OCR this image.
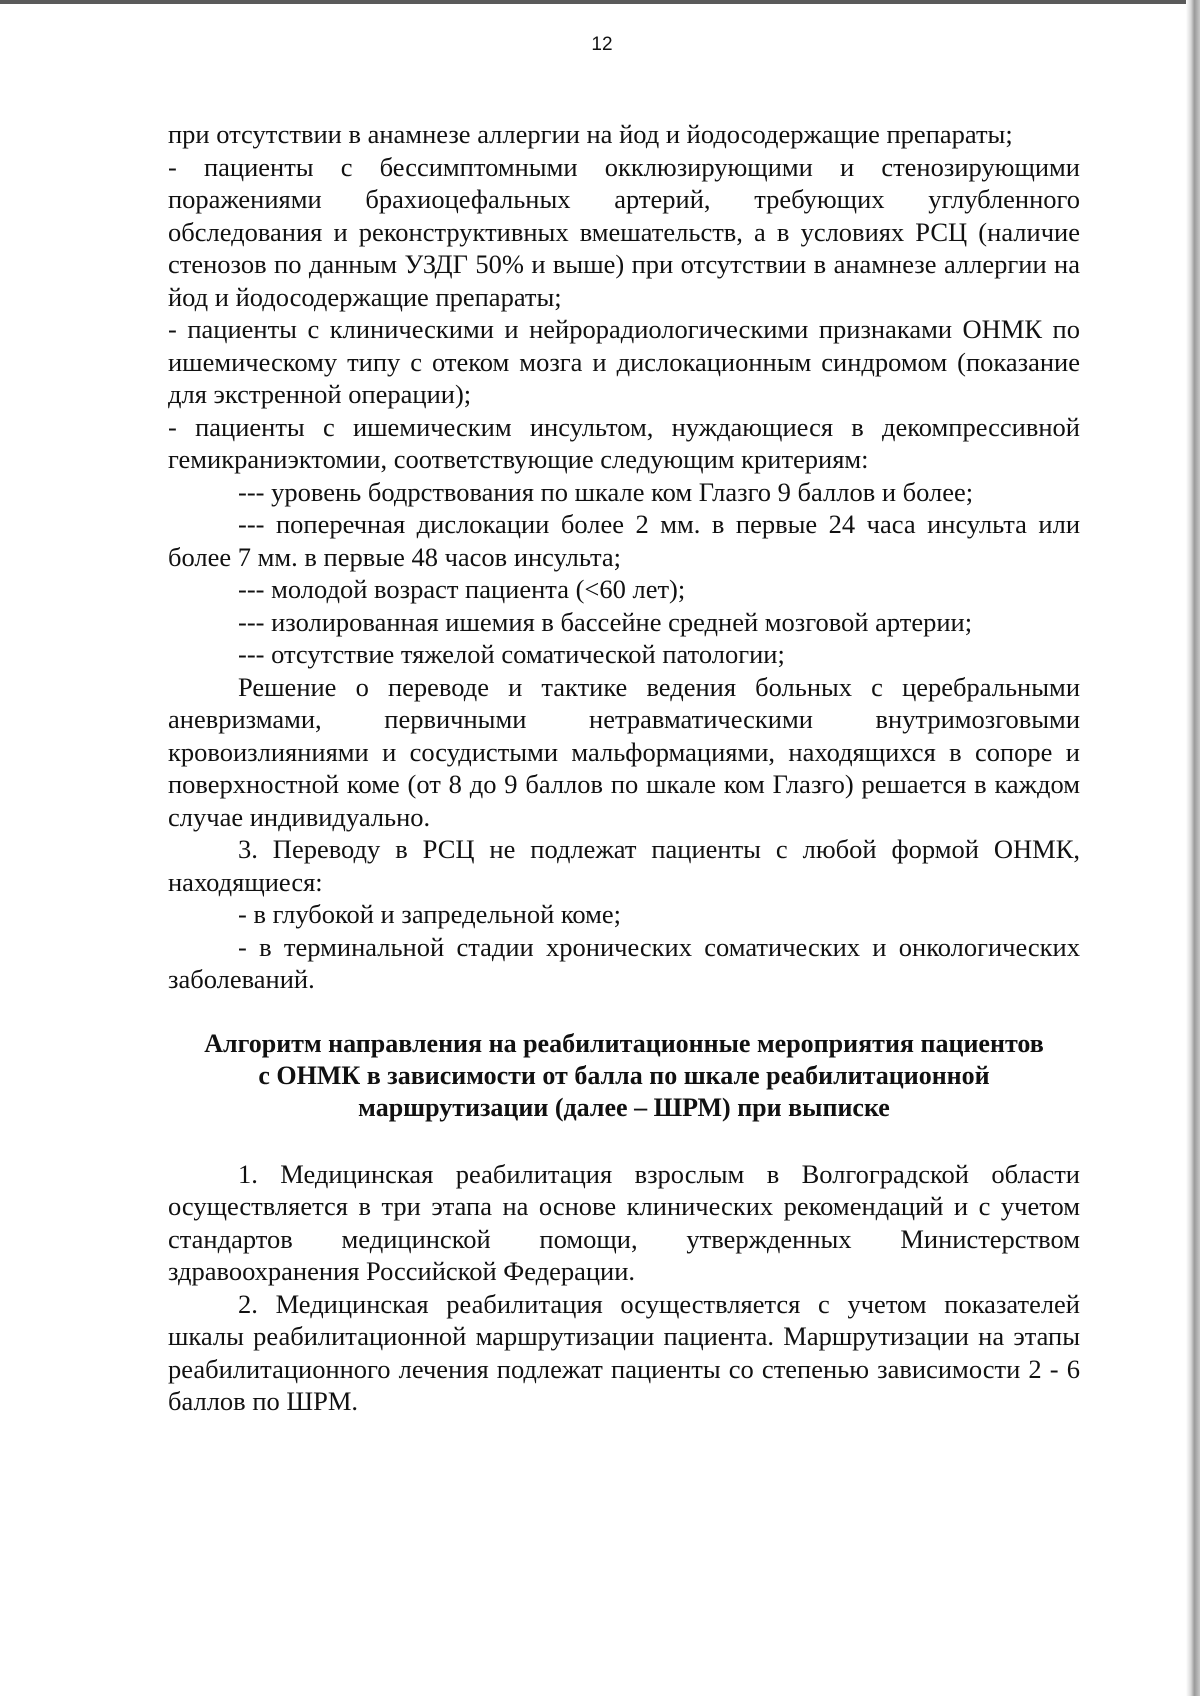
12

при отсутствии в анамнезе аллергии на йод и йодосодержащие препараты;

- пациенты с бессимптомными окклюзирующими и стенозирующими поражениями брахиоцефальных артерий, требующих углубленного обследования и реконструктивных вмешательств, а в условиях РСЦ (наличие стенозов по данным УЗДГ 50% и выше) при отсутствии в анамнезе аллергии на йод и йодосодержащие препараты;

- пациенты с клиническими и нейрорадиологическими признаками ОНМК по ишемическому типу с отеком мозга и дислокационным синдромом (показание для экстренной операции);

- пациенты с ишемическим инсультом, нуждающиеся в декомпрессивной гемикраниэктомии, соответствующие следующим критериям:

--- уровень бодрствования по шкале ком Глазго 9 баллов и более;

--- поперечная дислокации более 2 мм. в первые 24 часа инсульта или более 7 мм. в первые 48 часов инсульта;

--- молодой возраст пациента (<60 лет);

--- изолированная ишемия в бассейне средней мозговой артерии;

--- отсутствие тяжелой соматической патологии;

Решение о переводе и тактике ведения больных с церебральными аневризмами, первичными нетравматическими внутримозговыми кровоизлияниями и сосудистыми мальформациями, находящихся в сопоре и поверхностной коме (от 8 до 9 баллов по шкале ком Глазго) решается в каждом случае индивидуально.

3. Переводу в РСЦ не подлежат пациенты с любой формой ОНМК, находящиеся:

- в глубокой и запредельной коме;

- в терминальной стадии хронических соматических и онкологических заболеваний.

Алгоритм направления на реабилитационные мероприятия пациентов
с ОНМК в зависимости от балла по шкале реабилитационной
маршрутизации (далее – ШРМ) при выписке

1. Медицинская реабилитация взрослым в Волгоградской области осуществляется в три этапа на основе клинических рекомендаций и с учетом стандартов медицинской помощи, утвержденных Министерством здравоохранения Российской Федерации.

2. Медицинская реабилитация осуществляется с учетом показателей шкалы реабилитационной маршрутизации пациента. Маршрутизации на этапы реабилитационного лечения подлежат пациенты со степенью зависимости 2 - 6 баллов по ШРМ.
